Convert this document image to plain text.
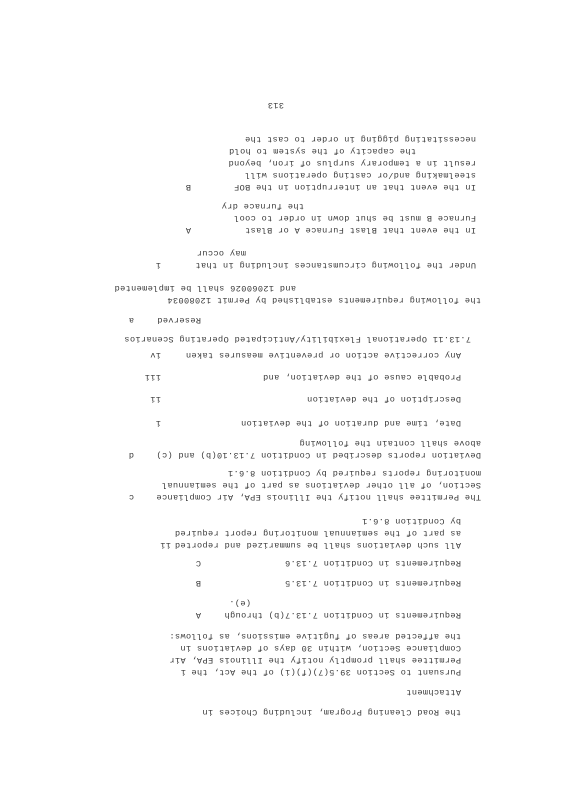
the Road Cleaning Program, including Choices in
Attachment
i Pursuant to Section 39.5(7)(f)(i) of the Act, the
Permittee shall promptly notify the Illinois EPA, Air
Compliance Section, within 30 days of deviations in
the affected areas of fugitive emissions, as follows:
A	Requirements in Condition 7.13.7(b) through
(e).
B	Requirements in Condition 7.13.5
C	Requirements in Condition 7.13.6
ii All such deviations shall be summarized and reported
as part of the semiannual monitoring report required
by Condition 8.6.1
c	The Permittee shall notify the Illinois EPA, Air Compliance
Section, of all other deviations as part of the semiannual
monitoring reports required by Condition 8.6.1
d	Deviation reports described in Condition 7.13.10(b) and (c)
above shall contain the following
i	Date, time and duration of the deviation
ii	Description of the deviation
iii	Probable cause of the deviation, and
iv	Any corrective action or preventive measures taken
7.13.11 Operational Flexibility/Anticipated Operating Scenarios
a	Reserved
the following requirements established by Permit 12080034
and 12060026 shall be implemented
i	Under the following circumstances including in that
may occur
A	In the event that Blast Furnace A or Blast
Furnace B must be shut down in order to cool
the furnace dry
B	In the event that an interruption in the BOF
steelmaking and/or casting operations will
result in a temporary surplus of iron, beyond
the capacity of the system to hold
necessitating pigging in order to cast the
313
